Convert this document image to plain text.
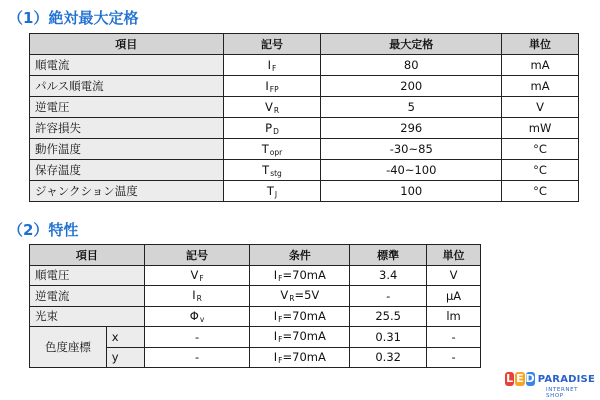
（1）絶対最大定格
項目	記号	最大定格	単位
順電流	$I_F$	80	mA
パルス順電流	$I_{FP}$	200	mA
逆電圧	$V_R$	5	V
許容損失	$P_D$	296	mW
動作温度	$T_{opr}$	-30~85	°C
保存温度	$T_{stg}$	-40~100	°C
ジャンクション温度	$T_J$	100	°C
（2）特性
項目		記号	条件	標準	単位
順電圧		$V_F$	$I_F=70mA$	3.4	V
逆電流		$I_R$	$V_R=5V$	-	μA
光束		$\Phi_v$	$I_F=70mA$	25.5	lm
色度座標	x	-	$I_F=70mA$	0.31	-
	y	-	$I_F=70mA$	0.32	-
L E D PARADISE
INTERNET SHOP
